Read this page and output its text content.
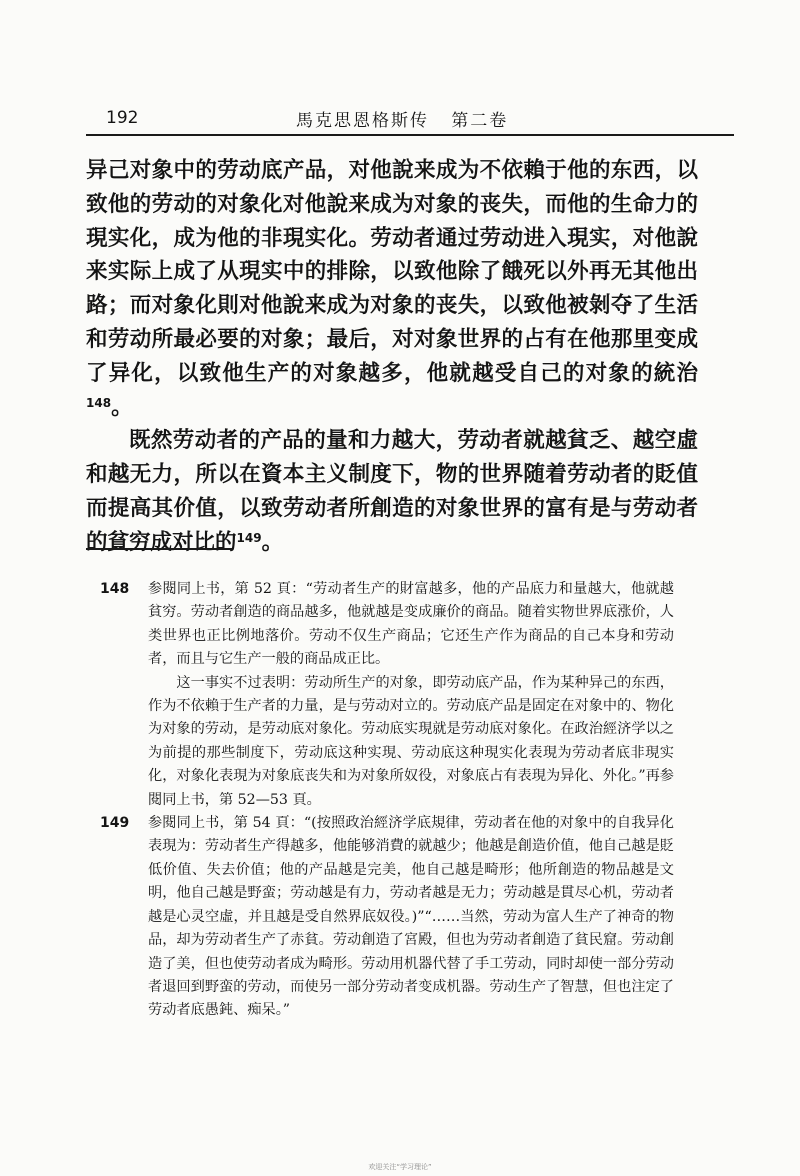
192	馬克思恩格斯传   第二卷

异己对象中的劳动底产品，对他說来成为不依賴于他的东西，以致他的劳动的对象化对他說来成为对象的丧失，而他的生命力的現实化，成为他的非現实化。劳动者通过劳动进入現实，对他說来实际上成了从現实中的排除，以致他除了餓死以外再无其他出路；而对象化則对他說来成为对象的丧失，以致他被剝夺了生活和劳动所最必要的对象；最后，对对象世界的占有在他那里变成了异化，以致他生产的对象越多，他就越受自己的对象的統治$^{148}$。

既然劳动者的产品的量和力越大，劳动者就越貧乏、越空虛和越无力，所以在資本主义制度下，物的世界随着劳动者的貶值而提高其价值，以致劳动者所創造的对象世界的富有是与劳动者的貧穷成对比的$^{149}$。

148 参閱同上书，第 52 頁：“劳动者生产的財富越多，他的产品底力和量越大，他就越貧穷。劳动者創造的商品越多，他就越是变成廉价的商品。随着实物世界底涨价，人类世界也正比例地落价。劳动不仅生产商品；它还生产作为商品的自己本身和劳动者，而且与它生产一般的商品成正比。

这一事实不过表明：劳动所生产的对象，即劳动底产品，作为某种异己的东西，作为不依賴于生产者的力量，是与劳动对立的。劳动底产品是固定在对象中的、物化为对象的劳动，是劳动底对象化。劳动底实現就是劳动底对象化。在政治經济学以之为前提的那些制度下，劳动底这种实現、劳动底这种現实化表現为劳动者底非現实化，对象化表現为对象底丧失和为对象所奴役，对象底占有表現为异化、外化。”再参閱同上书，第 52—53 頁。

149 参閱同上书，第 54 頁：“(按照政治經济学底規律，劳动者在他的对象中的自我异化表現为：劳动者生产得越多，他能够消費的就越少；他越是創造价值，他自己越是貶低价值、失去价值；他的产品越是完美，他自己越是畸形；他所創造的物品越是文明，他自己越是野蛮；劳动越是有力，劳动者越是无力；劳动越是貫尽心机，劳动者越是心灵空虛，并且越是受自然界底奴役。)”“……当然，劳动为富人生产了神奇的物品，却为劳动者生产了赤貧。劳动創造了宮殿，但也为劳动者創造了貧民窟。劳动創造了美，但也使劳动者成为畸形。劳动用机器代替了手工劳动，同时却使一部分劳动者退回到野蛮的劳动，而使另一部分劳动者变成机器。劳动生产了智慧，但也注定了劳动者底愚鈍、痴呆。”

欢迎关注“学习理论”
